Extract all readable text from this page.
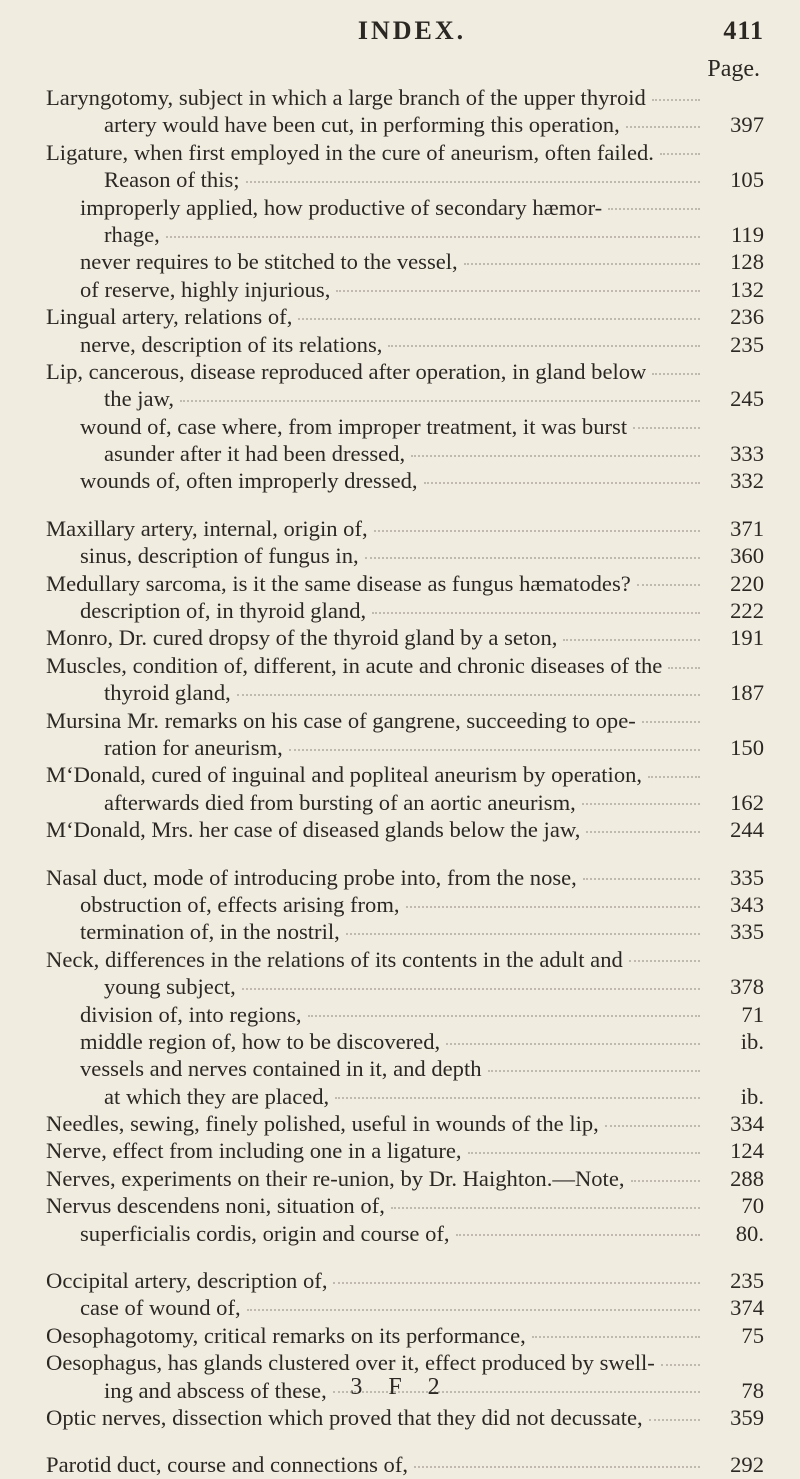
INDEX.	411
Page.
Laryngotomy, subject in which a large branch of the upper thyroid
artery would have been cut, in performing this operation,	397
Ligature, when first employed in the cure of aneurism, often failed.
Reason of this;	105
improperly applied, how productive of secondary hæmor-
rhage,	119
never requires to be stitched to the vessel,	128
of reserve, highly injurious,	132
Lingual artery, relations of,	236
nerve, description of its relations,	235
Lip, cancerous, disease reproduced after operation, in gland below
the jaw,	245
wound of, case where, from improper treatment, it was burst
asunder after it had been dressed,	333
wounds of, often improperly dressed,	332
Maxillary artery, internal, origin of,	371
sinus, description of fungus in,	360
Medullary sarcoma, is it the same disease as fungus hæmatodes?	220
description of, in thyroid gland,	222
Monro, Dr. cured dropsy of the thyroid gland by a seton,	191
Muscles, condition of, different, in acute and chronic diseases of the
thyroid gland,	187
Mursina Mr. remarks on his case of gangrene, succeeding to ope-
ration for aneurism,	150
M‘Donald, cured of inguinal and popliteal aneurism by operation,
afterwards died from bursting of an aortic aneurism,	162
M‘Donald, Mrs. her case of diseased glands below the jaw,	244
Nasal duct, mode of introducing probe into, from the nose,	335
obstruction of, effects arising from,	343
termination of, in the nostril,	335
Neck, differences in the relations of its contents in the adult and
young subject,	378
division of, into regions,	71
middle region of, how to be discovered,	ib.
vessels and nerves contained in it, and depth
at which they are placed,	ib.
Needles, sewing, finely polished, useful in wounds of the lip,	334
Nerve, effect from including one in a ligature,	124
Nerves, experiments on their re-union, by Dr. Haighton.—Note,	288
Nervus descendens noni, situation of,	70
superficialis cordis, origin and course of,	80.
Occipital artery, description of,	235
case of wound of,	374
Oesophagotomy, critical remarks on its performance,	75
Oesophagus, has glands clustered over it, effect produced by swell-
ing and abscess of these,	78
Optic nerves, dissection which proved that they did not decussate,	359
Parotid duct, course and connections of,	292
3 F 2
